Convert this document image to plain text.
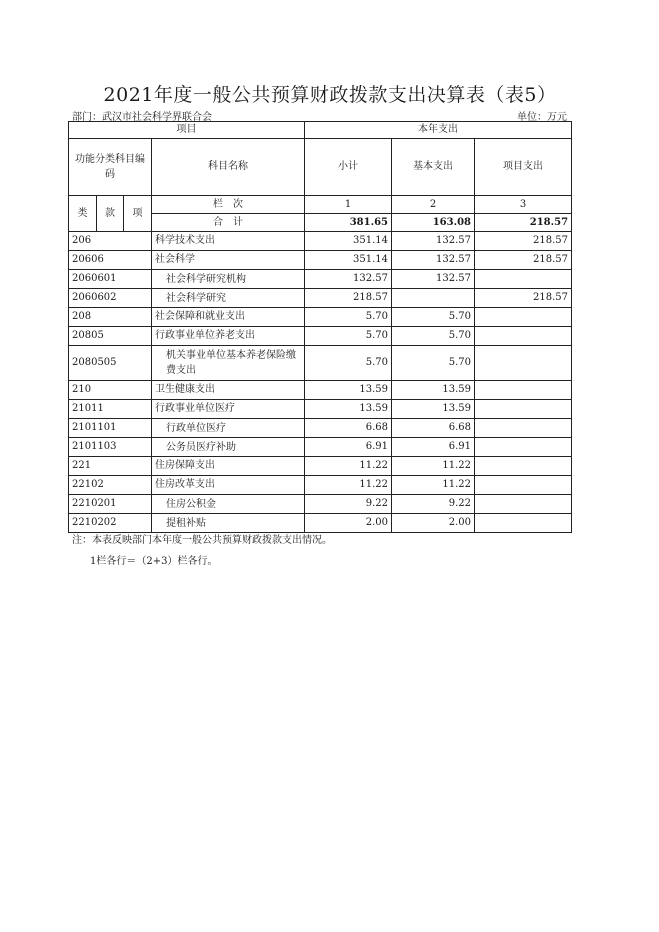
2021年度一般公共预算财政拨款支出决算表（表5）
部门：武汉市社会科学界联合会	单位：万元
项目				本年支出		
功能分类科目编码			科目名称	小计	基本支出	项目支出
类	款	项	栏　次	1	2	3
			合　计	381.65	163.08	218.57
206			科学技术支出	351.14	132.57	218.57
20606			社会科学	351.14	132.57	218.57
2060601			社会科学研究机构	132.57	132.57	
2060602			社会科学研究	218.57		218.57
208			社会保障和就业支出	5.70	5.70	
20805			行政事业单位养老支出	5.70	5.70	
2080505			机关事业单位基本养老保险缴费支出	5.70	5.70	
210			卫生健康支出	13.59	13.59	
21011			行政事业单位医疗	13.59	13.59	
2101101			行政单位医疗	6.68	6.68	
2101103			公务员医疗补助	6.91	6.91	
221			住房保障支出	11.22	11.22	
22102			住房改革支出	11.22	11.22	
2210201			住房公积金	9.22	9.22	
2210202			提租补贴	2.00	2.00	
注：本表反映部门本年度一般公共预算财政拨款支出情况。
1栏各行＝（2+3）栏各行。
